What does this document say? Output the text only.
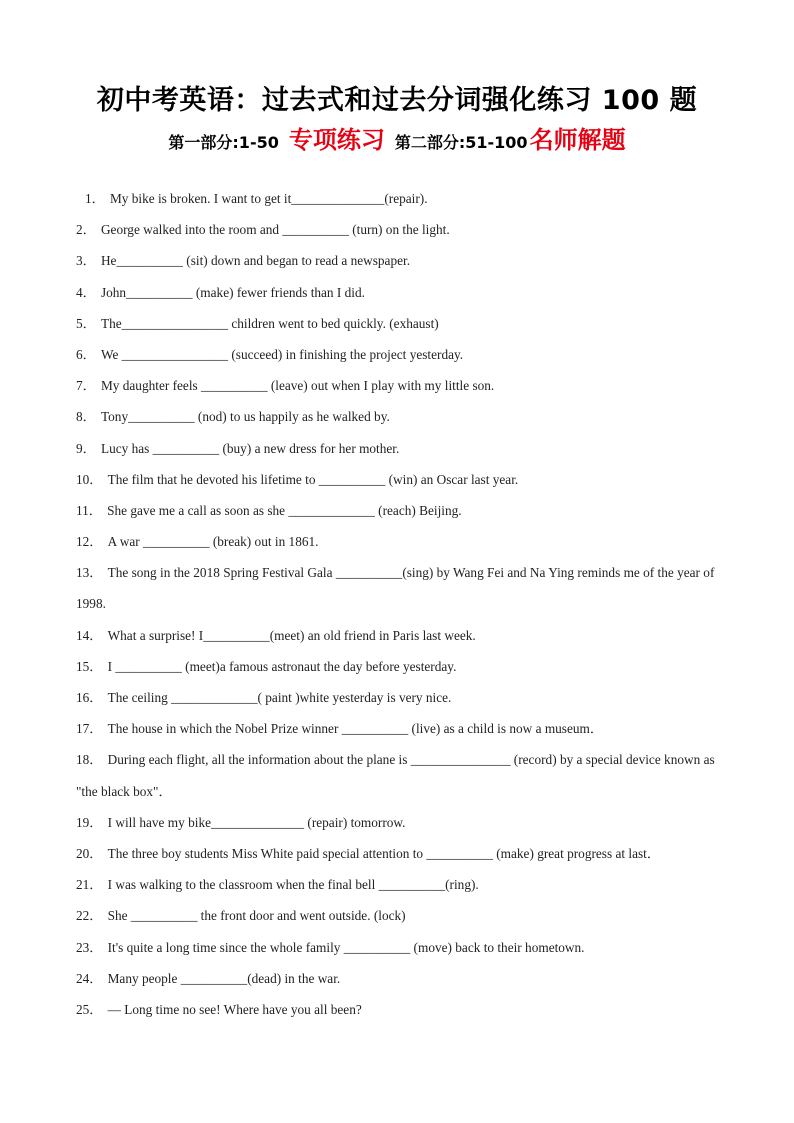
初中考英语：过去式和过去分词强化练习 100 题
第一部分:1-50 专项练习 第二部分:51-100名师解题
1． My bike is broken. I want to get it______________(repair).
2． George walked into the room and __________ (turn) on the light.
3． He__________ (sit) down and began to read a newspaper.
4． John__________ (make) fewer friends than I did.
5． The________________ children went to bed quickly. (exhaust)
6． We ________________ (succeed) in finishing the project yesterday.
7． My daughter feels __________ (leave) out when I play with my little son.
8． Tony__________ (nod) to us happily as he walked by.
9． Lucy has __________ (buy) a new dress for her mother.
10． The film that he devoted his lifetime to __________ (win) an Oscar last year.
11． She gave me a call as soon as she _____________ (reach) Beijing.
12． A war __________ (break) out in 1861.
13． The song in the 2018 Spring Festival Gala __________(sing) by Wang Fei and Na Ying reminds me of the year of 1998.
14． What a surprise! I__________(meet) an old friend in Paris last week.
15． I __________ (meet)a famous astronaut the day before yesterday.
16． The ceiling _____________( paint )white yesterday is very nice.
17． The house in which the Nobel Prize winner __________ (live) as a child is now a museum．
18． During each flight, all the information about the plane is _______________ (record) by a special device known as "the black box"．
19． I will have my bike______________ (repair) tomorrow.
20． The three boy students Miss White paid special attention to __________ (make) great progress at last．
21． I was walking to the classroom when the final bell __________(ring).
22． She __________ the front door and went outside. (lock)
23． It's quite a long time since the whole family __________ (move) back to their hometown.
24． Many people __________(dead) in the war.
25． — Long time no see! Where have you all been?
